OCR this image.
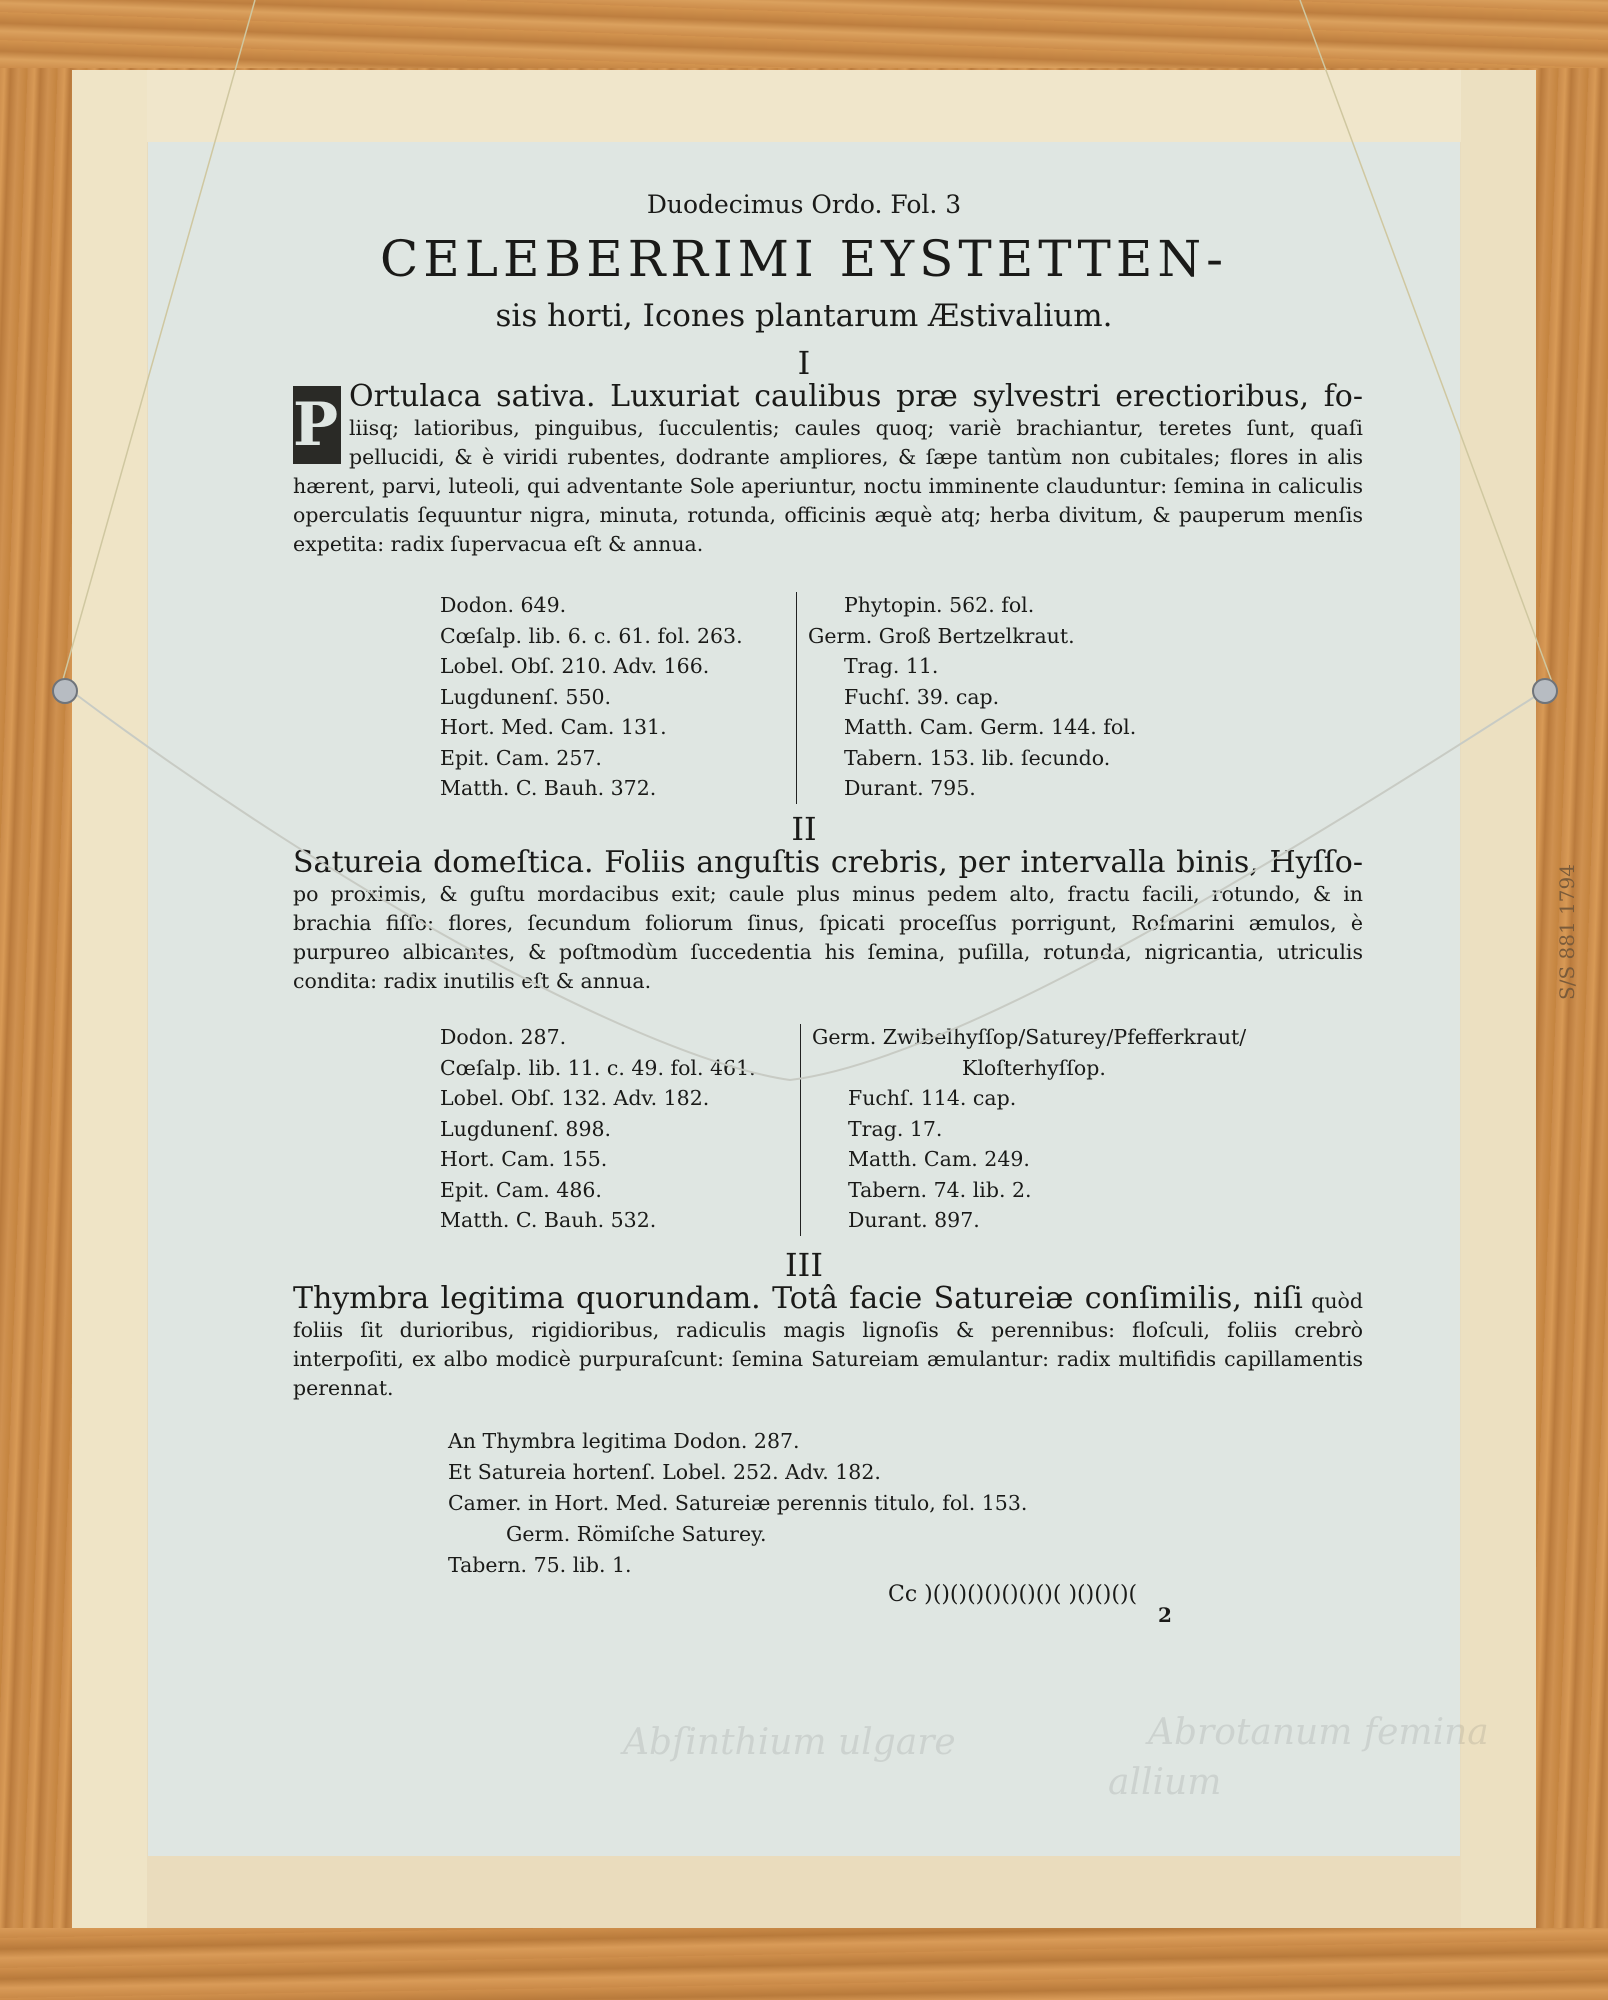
S/S 881 1794
Duodecimus Ordo. Fol. 3
CELEBERRIMI EYSTETTEN-
sis horti, Icones plantarum Æstivalium.
I
P Ortulaca sativa. Luxuriat caulibus præ sylvestri erectioribus, fo- liisq; latioribus, pinguibus, ſucculentis; caules quoq; variè brachiantur, teretes ſunt, quaſi pellucidi, & è viridi rubentes, dodrante ampliores, & ſæpe tantùm non cubitales; flores in alis hærent, parvi, luteoli, qui adventante Sole aperiuntur, noctu imminente clauduntur: ſemina in caliculis operculatis ſequuntur nigra, minuta, rotunda, officinis æquè atq; herba divitum, & pauperum menſis expetita: radix ſupervacua eſt & annua.
Dodon. 649.
Cœſalp. lib. 6. c. 61. fol. 263.
Lobel. Obſ. 210. Adv. 166.
Lugdunenſ. 550.
Hort. Med. Cam. 131.
Epit. Cam. 257.
Matth. C. Bauh. 372.
Phytopin. 562. fol.
Germ. Groß Bertzelkraut.
Trag. 11.
Fuchſ. 39. cap.
Matth. Cam. Germ. 144. fol.
Tabern. 153. lib. ſecundo.
Durant. 795.
II
Satureia domeſtica. Foliis anguſtis crebris, per intervalla binis, Hyſſo- po proximis, & guſtu mordacibus exit; caule plus minus pedem alto, fractu facili, rotundo, & in brachia fiſſo: flores, ſecundum foliorum ſinus, ſpicati proceſſus porrigunt, Roſmarini æmulos, è purpureo albicantes, & poſtmodùm ſuccedentia his ſemina, puſilla, rotunda, nigricantia, utriculis condita: radix inutilis eſt & annua.
Dodon. 287.
Cœſalp. lib. 11. c. 49. fol. 461.
Lobel. Obſ. 132. Adv. 182.
Lugdunenſ. 898.
Hort. Cam. 155.
Epit. Cam. 486.
Matth. C. Bauh. 532.
Germ. Zwibelhyſſop/Saturey/Pfefferkraut/
Kloſterhyſſop.
Fuchſ. 114. cap.
Trag. 17.
Matth. Cam. 249.
Tabern. 74. lib. 2.
Durant. 897.
III
Thymbra legitima quorundam. Totâ facie Satureiæ conſimilis, niſi quòd foliis ſit durioribus, rigidioribus, radiculis magis lignoſis & perennibus: floſculi, foliis crebrò interpoſiti, ex albo modicè purpuraſcunt: ſemina Satureiam æmulantur: radix multifidis capillamentis perennat.
An Thymbra legitima Dodon. 287.
Et Satureia hortenſ. Lobel. 252. Adv. 182.
Camer. in Hort. Med. Satureiæ perennis titulo, fol. 153.
Germ. Römiſche Saturey.
Tabern. 75. lib. 1.
Cc )()()()()()()()( )()()()(
2
Abſinthium ulgare
allium
Abrotanum femina
